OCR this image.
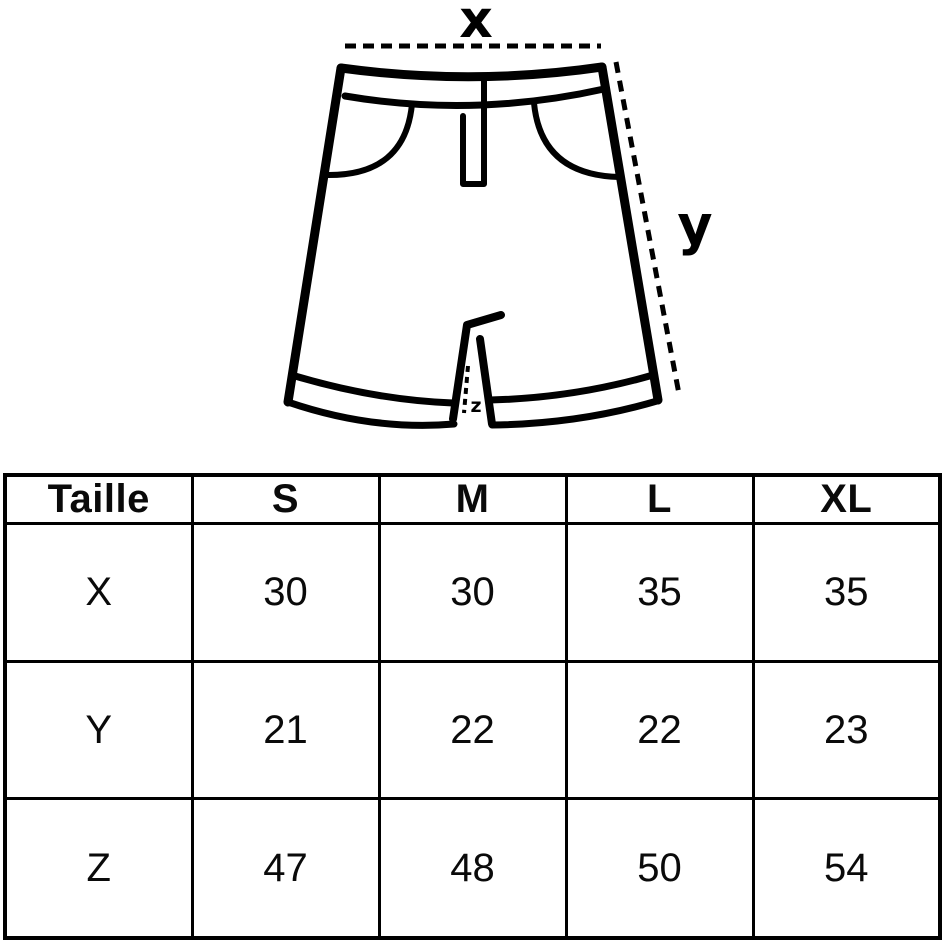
x
y
z
Taille	S	M	L	XL
X	30	30	35	35
Y	21	22	22	23
Z	47	48	50	54
